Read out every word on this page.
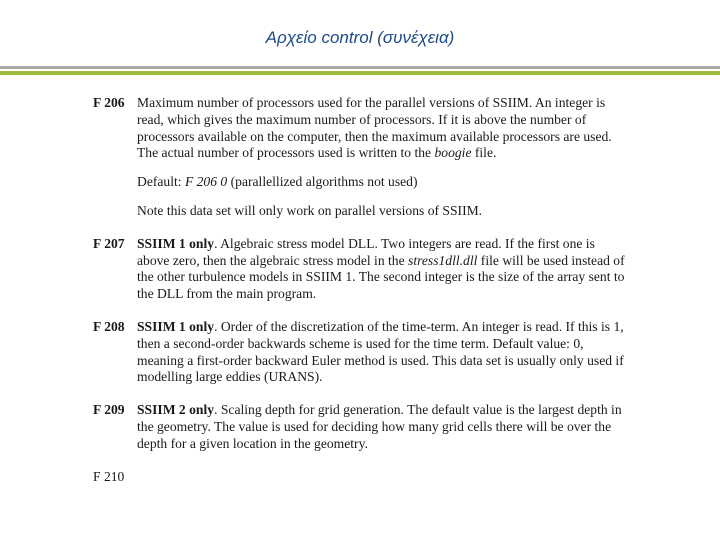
Αρχείο control (συνέχεια)
F 206 Maximum number of processors used for the parallel versions of SSIIM. An integer is read, which gives the maximum number of processors. If it is above the number of processors available on the computer, then the maximum available processors are used. The actual number of processors used is written to the boogie file.

Default: F 206 0 (parallellized algorithms not used)

Note this data set will only work on parallel versions of SSIIM.

F 207 SSIIM 1 only. Algebraic stress model DLL. Two integers are read. If the first one is above zero, then the algebraic stress model in the stress1dll.dll file will be used instead of the other turbulence models in SSIIM 1. The second integer is the size of the array sent to the DLL from the main program.

F 208 SSIIM 1 only. Order of the discretization of the time-term. An integer is read. If this is 1, then a second-order backwards scheme is used for the time term. Default value: 0, meaning a first-order backward Euler method is used. This data set is usually only used if modelling large eddies (URANS).

F 209 SSIIM 2 only. Scaling depth for grid generation. The default value is the largest depth in the geometry. The value is used for deciding how many grid cells there will be over the depth for a given location in the geometry.

F 210
